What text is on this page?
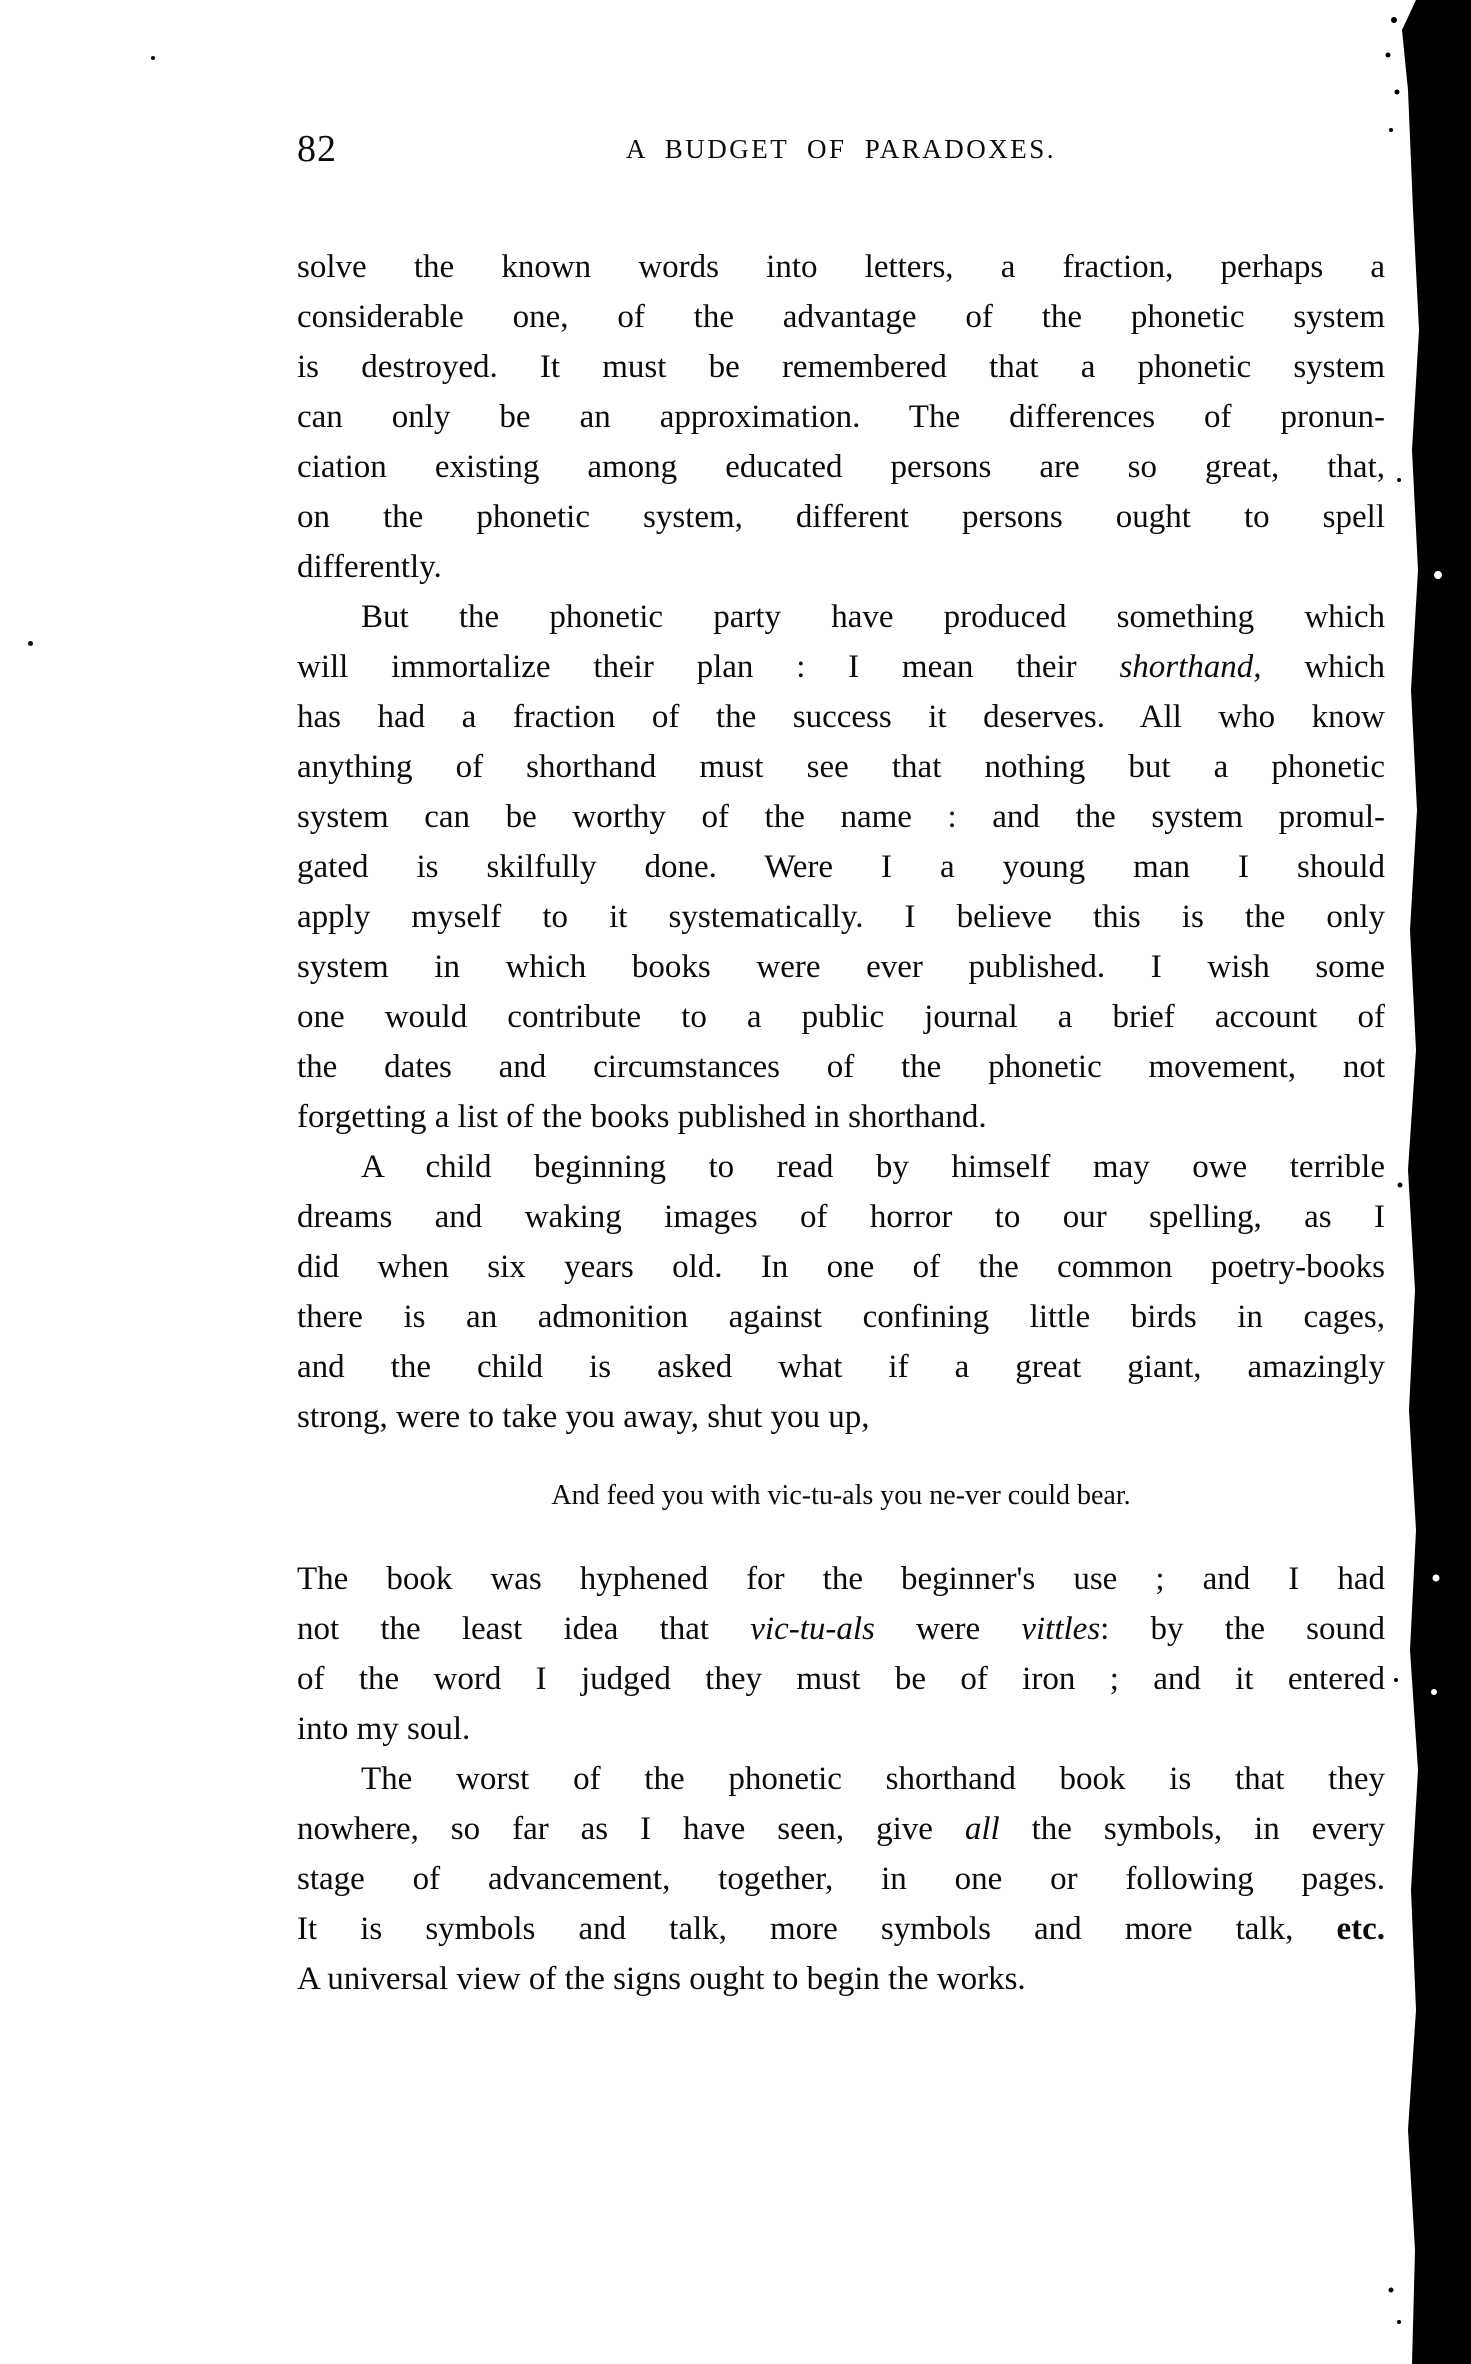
82	A BUDGET OF PARADOXES.
solve the known words into letters, a fraction, perhaps a
considerable one, of the advantage of the phonetic system
is destroyed. It must be remembered that a phonetic system
can only be an approximation. The differences of pronun-
ciation existing among educated persons are so great, that,
on the phonetic system, different persons ought to spell
differently.
But the phonetic party have produced something which
will immortalize their plan : I mean their shorthand, which
has had a fraction of the success it deserves. All who know
anything of shorthand must see that nothing but a phonetic
system can be worthy of the name : and the system promul-
gated is skilfully done. Were I a young man I should
apply myself to it systematically. I believe this is the only
system in which books were ever published. I wish some
one would contribute to a public journal a brief account of
the dates and circumstances of the phonetic movement, not
forgetting a list of the books published in shorthand.
A child beginning to read by himself may owe terrible
dreams and waking images of horror to our spelling, as I
did when six years old. In one of the common poetry-books
there is an admonition against confining little birds in cages,
and the child is asked what if a great giant, amazingly
strong, were to take you away, shut you up,
And feed you with vic-tu-als you ne-ver could bear.
The book was hyphened for the beginner's use ; and I had
not the least idea that vic-tu-als were vittles: by the sound
of the word I judged they must be of iron ; and it entered
into my soul.
The worst of the phonetic shorthand book is that they
nowhere, so far as I have seen, give all the symbols, in every
stage of advancement, together, in one or following pages.
It is symbols and talk, more symbols and more talk, etc.
A universal view of the signs ought to begin the works.
